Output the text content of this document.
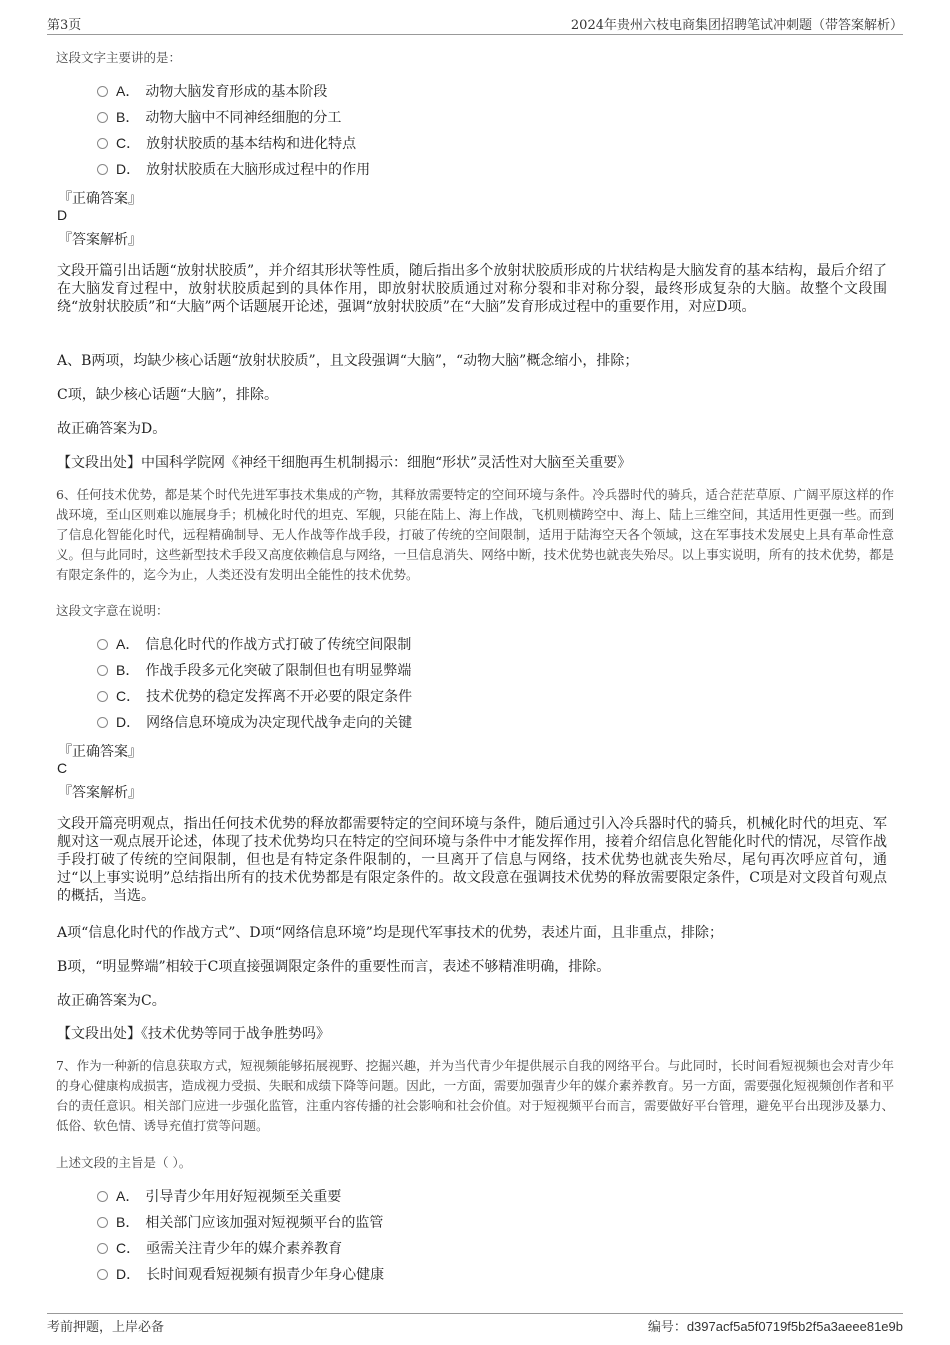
第3页	2024年贵州六枝电商集团招聘笔试冲刺题（带答案解析）
这段文字主要讲的是：
A． 动物大脑发育形成的基本阶段
B． 动物大脑中不同神经细胞的分工
C． 放射状胶质的基本结构和进化特点
D． 放射状胶质在大脑形成过程中的作用
『正确答案』
D
『答案解析』
文段开篇引出话题“放射状胶质”，并介绍其形状等性质，随后指出多个放射状胶质形成的片状结构是大脑发育的基本结构，最后介绍了在大脑发育过程中，放射状胶质起到的具体作用，即放射状胶质通过对称分裂和非对称分裂，最终形成复杂的大脑。故整个文段围绕“放射状胶质”和“大脑”两个话题展开论述，强调“放射状胶质”在“大脑”发育形成过程中的重要作用，对应D项。
A、B两项，均缺少核心话题“放射状胶质”，且文段强调“大脑”，“动物大脑”概念缩小，排除；
C项，缺少核心话题“大脑”，排除。
故正确答案为D。
【文段出处】中国科学院网《神经干细胞再生机制揭示：细胞“形状”灵活性对大脑至关重要》
6、任何技术优势，都是某个时代先进军事技术集成的产物，其释放需要特定的空间环境与条件。冷兵器时代的骑兵，适合茫茫草原、广阔平原这样的作战环境，至山区则难以施展身手；机械化时代的坦克、军舰，只能在陆上、海上作战，飞机则横跨空中、海上、陆上三维空间，其适用性更强一些。而到了信息化智能化时代，远程精确制导、无人作战等作战手段，打破了传统的空间限制，适用于陆海空天各个领域，这在军事技术发展史上具有革命性意义。但与此同时，这些新型技术手段又高度依赖信息与网络，一旦信息消失、网络中断，技术优势也就丧失殆尽。以上事实说明，所有的技术优势，都是有限定条件的，迄今为止，人类还没有发明出全能性的技术优势。
这段文字意在说明：
A． 信息化时代的作战方式打破了传统空间限制
B． 作战手段多元化突破了限制但也有明显弊端
C． 技术优势的稳定发挥离不开必要的限定条件
D． 网络信息环境成为决定现代战争走向的关键
『正确答案』
C
『答案解析』
文段开篇亮明观点，指出任何技术优势的释放都需要特定的空间环境与条件，随后通过引入冷兵器时代的骑兵，机械化时代的坦克、军舰对这一观点展开论述，体现了技术优势均只在特定的空间环境与条件中才能发挥作用，接着介绍信息化智能化时代的情况，尽管作战手段打破了传统的空间限制，但也是有特定条件限制的，一旦离开了信息与网络，技术优势也就丧失殆尽，尾句再次呼应首句，通过“以上事实说明”总结指出所有的技术优势都是有限定条件的。故文段意在强调技术优势的释放需要限定条件，C项是对文段首句观点的概括，当选。
A项“信息化时代的作战方式”、D项“网络信息环境”均是现代军事技术的优势，表述片面，且非重点，排除；
B项，“明显弊端”相较于C项直接强调限定条件的重要性而言，表述不够精准明确，排除。
故正确答案为C。
【文段出处】《技术优势等同于战争胜势吗》
7、作为一种新的信息获取方式，短视频能够拓展视野、挖掘兴趣，并为当代青少年提供展示自我的网络平台。与此同时，长时间看短视频也会对青少年的身心健康构成损害，造成视力受损、失眠和成绩下降等问题。因此，一方面，需要加强青少年的媒介素养教育。另一方面，需要强化短视频创作者和平台的责任意识。相关部门应进一步强化监管，注重内容传播的社会影响和社会价值。对于短视频平台而言，需要做好平台管理，避免平台出现涉及暴力、低俗、软色情、诱导充值打赏等问题。
上述文段的主旨是（ ）。
A． 引导青少年用好短视频至关重要
B． 相关部门应该加强对短视频平台的监管
C． 亟需关注青少年的媒介素养教育
D． 长时间观看短视频有损青少年身心健康
考前押题，上岸必备	编号：d397acf5a5f0719f5b2f5a3aeee81e9b
